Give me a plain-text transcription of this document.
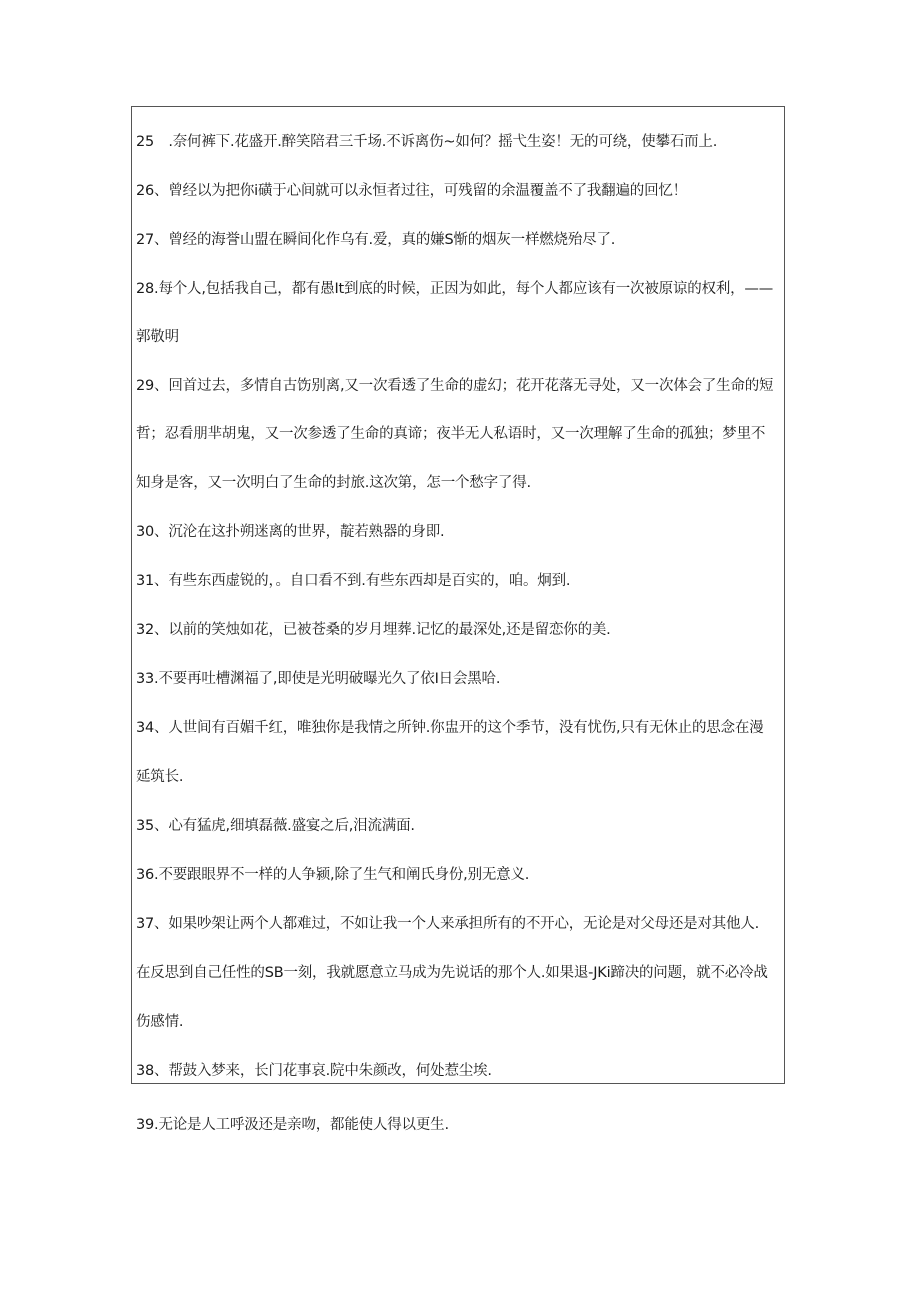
25　.奈何裤下.花盛开.醉笑陪君三千场.不诉离伤~如何？摇弋生姿！无的可绕，使攀石而上.
26、曾经以为把你i磺于心间就可以永恒者过往，可残留的余温覆盖不了我翻遍的回忆！
27、曾经的海誉山盟在瞬间化作乌有.爱，真的嫌S惭的烟灰一样燃烧殆尽了.
28.每个人,包括我自己，都有愚It到底的时候，正因为如此，每个人都应该有一次被原谅的权利，——
郭敬明
29、回首过去，多情自古饬别离,又一次看透了生命的虚幻；花开花落无寻处，又一次体会了生命的短
哲；忍看朋芈胡鬼，又一次参透了生命的真谛；夜半无人私语时，又一次理解了生命的孤独；梦里不
知身是客，又一次明白了生命的封旅.这次第，怎一个愁字了得.
30、沉沦在这扑朔迷离的世界，靛若熟器的身即.
31、有些东西虚锐的，。自口看不到.有些东西却是百实的，咱。炯到.
32、以前的笑烛如花，已被苍桑的岁月埋葬.记忆的最深处,还是留恋你的美.
33.不要再吐槽渊福了,即使是光明破曝光久了依I日会黑哈.
34、人世间有百媚千红，唯独你是我情之所钟.你盅开的这个季节，没有忧伤,只有无休止的思念在漫
延筑长.
35、心有猛虎,细填磊薇.盛宴之后,泪流满面.
36.不要跟眼界不一样的人争颍,除了生气和阐氏身份,别无意义.
37、如果吵架让两个人都难过，不如让我一个人来承担所有的不开心，无论是对父母还是对其他人.
在反思到自己任性的SB一刻，我就愿意立马成为先说话的那个人.如果退-JKi蹄决的问题，就不必冷战
伤感情.
38、帮鼓入梦来，长门花事哀.院中朱颜改，何处惹尘埃.
39.无论是人工呼汲还是亲吻，都能使人得以更生.
